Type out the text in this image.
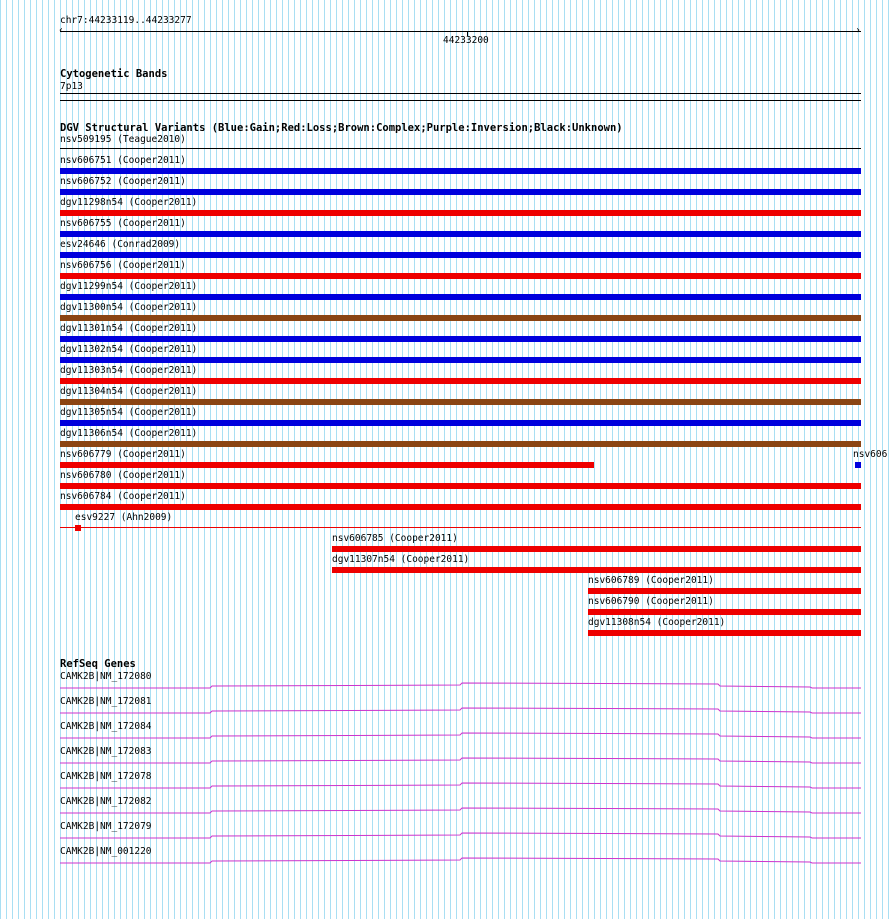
chr7:44233119..44233277
‹	›
44233200
Cytogenetic Bands
7p13
DGV Structural Variants (Blue:Gain;Red:Loss;Brown:Complex;Purple:Inversion;Black:Unknown)
nsv509195 (Teague2010)
nsv606751 (Cooper2011)
nsv606752 (Cooper2011)
dgv11298n54 (Cooper2011)
nsv606755 (Cooper2011)
esv24646 (Conrad2009)
nsv606756 (Cooper2011)
dgv11299n54 (Cooper2011)
dgv11300n54 (Cooper2011)
dgv11301n54 (Cooper2011)
dgv11302n54 (Cooper2011)
dgv11303n54 (Cooper2011)
dgv11304n54 (Cooper2011)
dgv11305n54 (Cooper2011)
dgv11306n54 (Cooper2011)
nsv606779 (Cooper2011)	nsv606
nsv606780 (Cooper2011)
nsv606784 (Cooper2011)
esv9227 (Ahn2009)
nsv606785 (Cooper2011)
dgv11307n54 (Cooper2011)
nsv606789 (Cooper2011)
nsv606790 (Cooper2011)
dgv11308n54 (Cooper2011)
RefSeq Genes
CAMK2B|NM_172080
CAMK2B|NM_172081
CAMK2B|NM_172084
CAMK2B|NM_172083
CAMK2B|NM_172078
CAMK2B|NM_172082
CAMK2B|NM_172079
CAMK2B|NM_001220
